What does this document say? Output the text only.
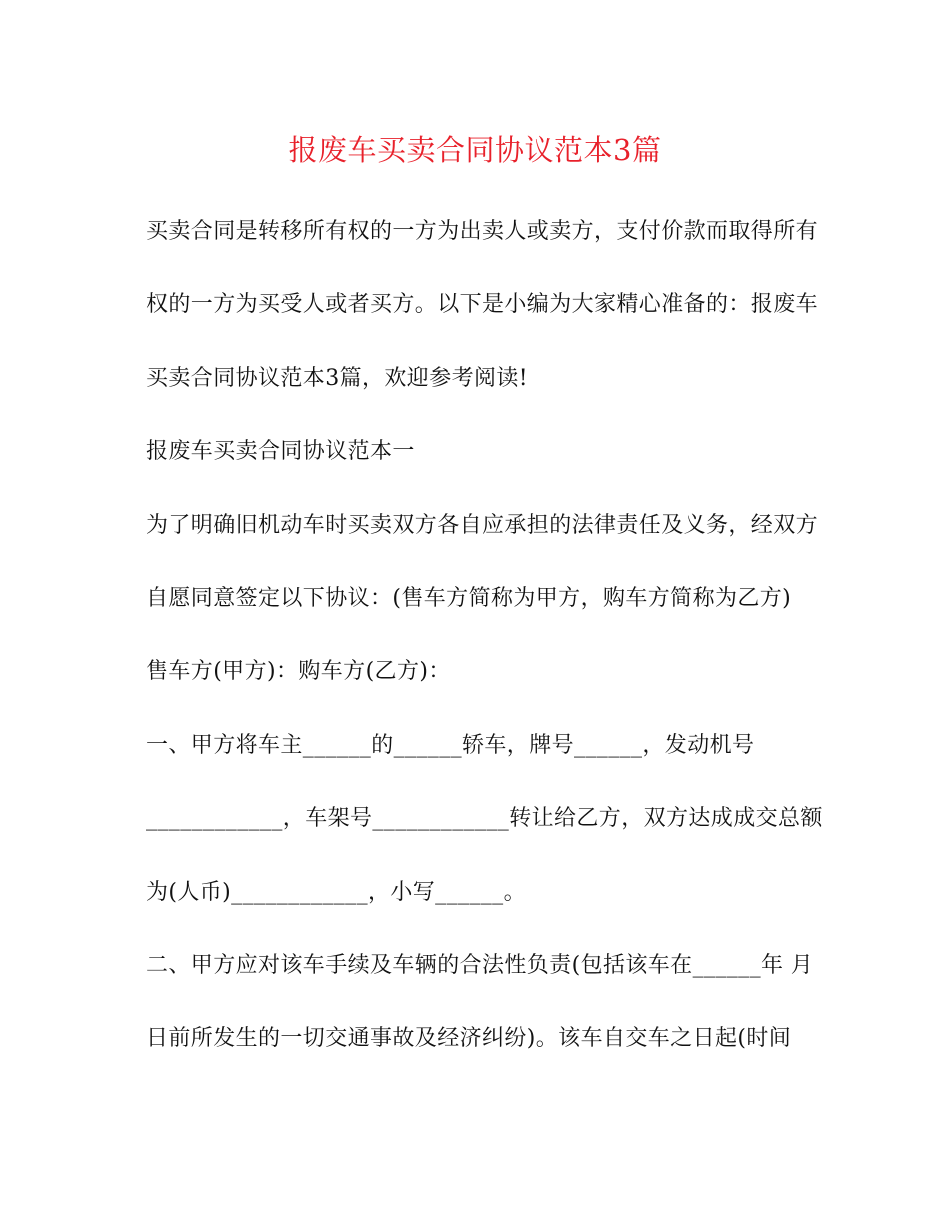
报废车买卖合同协议范本3篇
买卖合同是转移所有权的一方为出卖人或卖方，支付价款而取得所有
权的一方为买受人或者买方。以下是小编为大家精心准备的：报废车
买卖合同协议范本3篇，欢迎参考阅读!
报废车买卖合同协议范本一
为了明确旧机动车时买卖双方各自应承担的法律责任及义务，经双方
自愿同意签定以下协议：(售车方简称为甲方，购车方简称为乙方)
售车方(甲方)：购车方(乙方)：
一、甲方将车主______的______轿车，牌号______，发动机号
____________，车架号____________转让给乙方，双方达成成交总额
为(人币)____________，小写______。
二、甲方应对该车手续及车辆的合法性负责(包括该车在______年 月
日前所发生的一切交通事故及经济纠纷)。该车自交车之日起(时间
